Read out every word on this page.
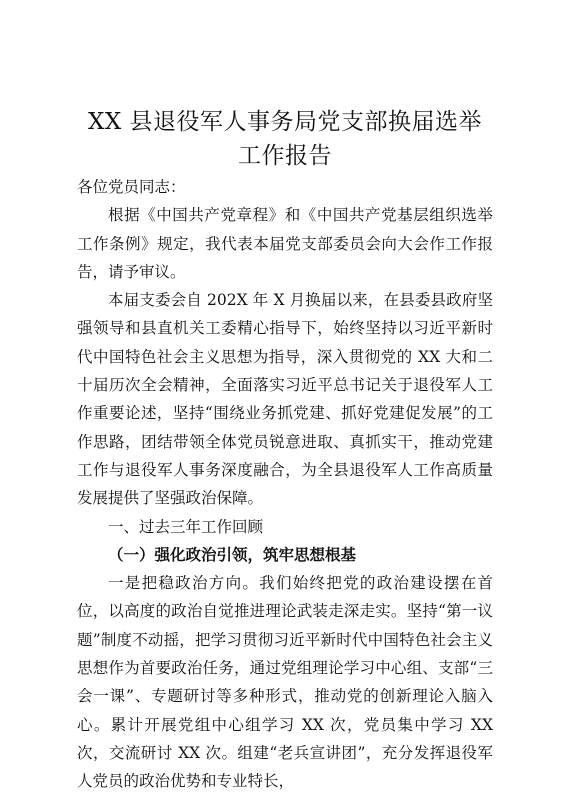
XX 县退役军人事务局党支部换届选举
工作报告

各位党员同志：

根据《中国共产党章程》和《中国共产党基层组织选举工作条例》规定，我代表本届党支部委员会向大会作工作报告，请予审议。

本届支委会自 202X 年 X 月换届以来，在县委县政府坚强领导和县直机关工委精心指导下，始终坚持以习近平新时代中国特色社会主义思想为指导，深入贯彻党的 XX 大和二十届历次全会精神，全面落实习近平总书记关于退役军人工作重要论述，坚持“围绕业务抓党建、抓好党建促发展”的工作思路，团结带领全体党员锐意进取、真抓实干，推动党建工作与退役军人事务深度融合，为全县退役军人工作高质量发展提供了坚强政治保障。

一、过去三年工作回顾

（一）强化政治引领，筑牢思想根基

一是把稳政治方向。我们始终把党的政治建设摆在首位，以高度的政治自觉推进理论武装走深走实。坚持“第一议题”制度不动摇，把学习贯彻习近平新时代中国特色社会主义思想作为首要政治任务，通过党组理论学习中心组、支部“三会一课”、专题研讨等多种形式，推动党的创新理论入脑入心。累计开展党组中心组学习 XX 次，党员集中学习 XX 次，交流研讨 XX 次。组建“老兵宣讲团”，充分发挥退役军人党员的政治优势和专业特长，
